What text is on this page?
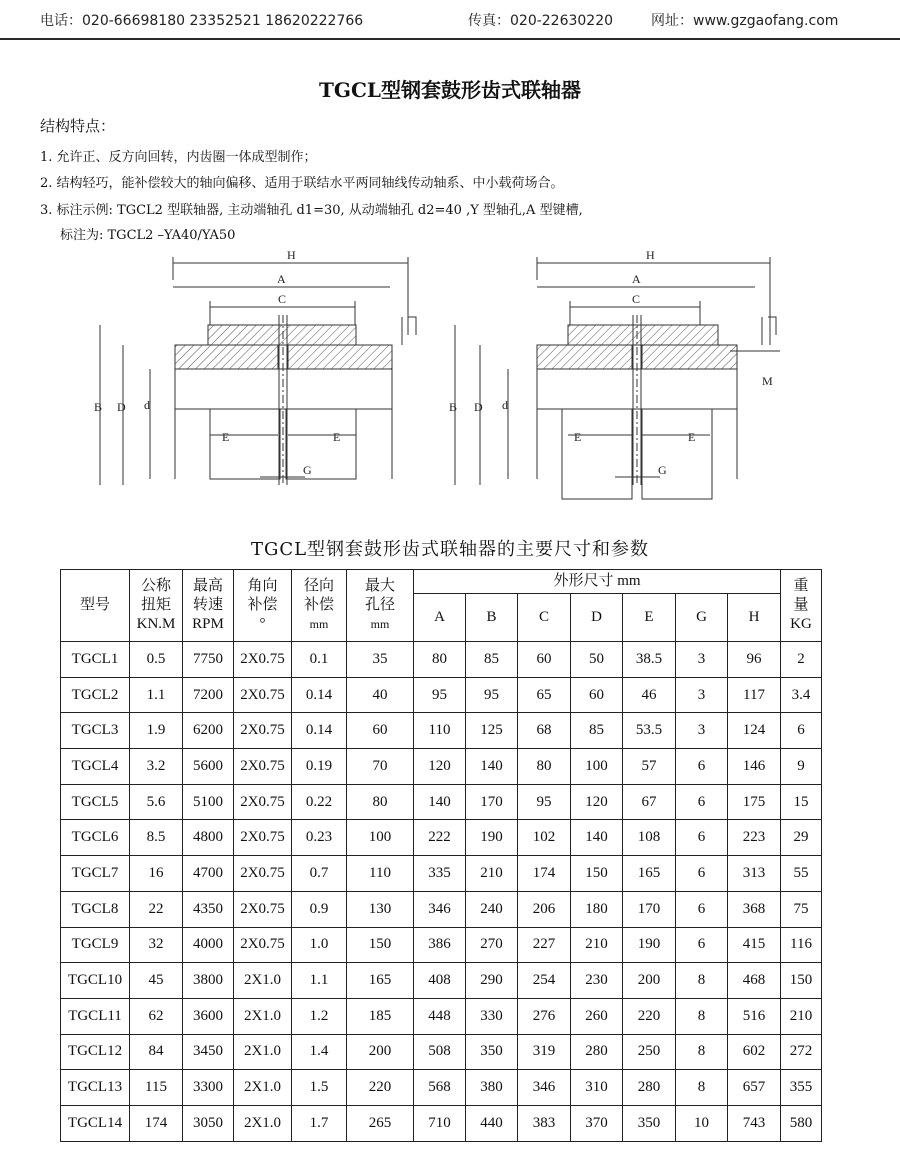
电话：020-66698180 23352521 18620222766	传真：020-22630220	网址：www.gzgaofang.com
TGCL型钢套鼓形齿式联轴器
结构特点：
1. 允许正、反方向回转，内齿圈一体成型制作；
2. 结构轻巧，能补偿较大的轴向偏移、适用于联结水平两同轴线传动轴系、中小载荷场合。
3. 标注示例: TGCL2 型联轴器, 主动端轴孔 d1=30, 从动端轴孔 d2=40 ,Y 型轴孔,A 型键槽,
标注为: TGCL2 –YA40/YA50
H
A
C
B D d
E	E
G
H
A
C
B D d
E	E
G
M
TGCL型钢套鼓形齿式联轴器的主要尺寸和参数
型号	公称
扭矩
KN.M	最高
转速
RPM	角向
补偿
°	径向
补偿
mm	最大
孔径
mm	外形尺寸 mm							重
量
KG

						A	B	C	D	E	G	H	
TGCL1	0.5	7750	2X0.75	0.1	35	80	85	60	50	38.5	3	96	2
TGCL2	1.1	7200	2X0.75	0.14	40	95	95	65	60	46	3	117	3.4
TGCL3	1.9	6200	2X0.75	0.14	60	110	125	68	85	53.5	3	124	6
TGCL4	3.2	5600	2X0.75	0.19	70	120	140	80	100	57	6	146	9
TGCL5	5.6	5100	2X0.75	0.22	80	140	170	95	120	67	6	175	15
TGCL6	8.5	4800	2X0.75	0.23	100	222	190	102	140	108	6	223	29
TGCL7	16	4700	2X0.75	0.7	110	335	210	174	150	165	6	313	55
TGCL8	22	4350	2X0.75	0.9	130	346	240	206	180	170	6	368	75
TGCL9	32	4000	2X0.75	1.0	150	386	270	227	210	190	6	415	116
TGCL10	45	3800	2X1.0	1.1	165	408	290	254	230	200	8	468	150
TGCL11	62	3600	2X1.0	1.2	185	448	330	276	260	220	8	516	210
TGCL12	84	3450	2X1.0	1.4	200	508	350	319	280	250	8	602	272
TGCL13	115	3300	2X1.0	1.5	220	568	380	346	310	280	8	657	355
TGCL14	174	3050	2X1.0	1.7	265	710	440	383	370	350	10	743	580
